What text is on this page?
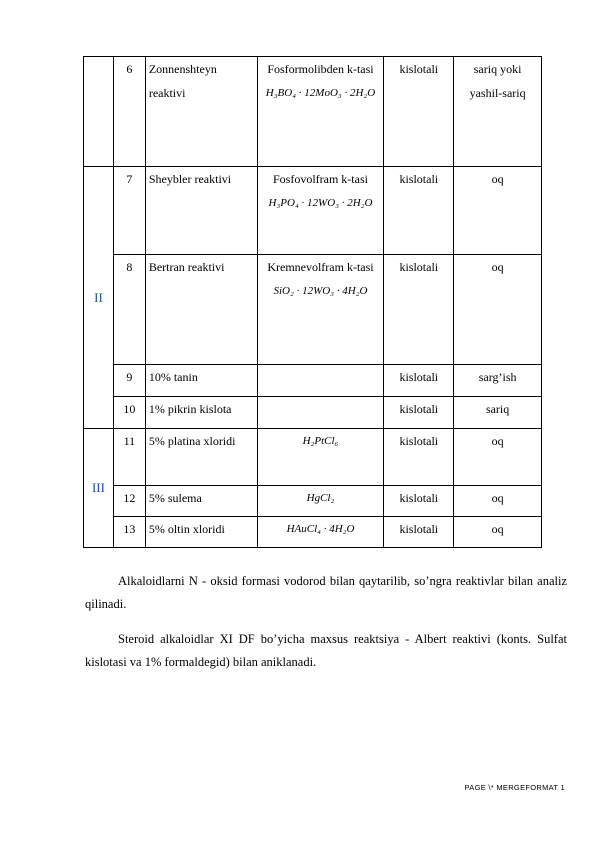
	6	Zonnenshteyn reaktivi	Fosformolibden k-tasi
H₃BO₄ · 12MoO₃ · 2H₂O	kislotali	sariq yoki yashil-sariq
II	7	Sheybler reaktivi	Fosfovolfram k-tasi
H₃PO₄ · 12WO₃ · 2H₂O	kislotali	oq
	8	Bertran reaktivi	Kremnevolfram k-tasi
SiO₂ · 12WO₃ · 4H₂O	kislotali	oq
	9	10% tanin		kislotali	sarg’ish
	10	1% pikrin kislota		kislotali	sariq
III	11	5% platina xloridi	H₂PtCl₆	kislotali	oq
	12	5% sulema	HgCl₂	kislotali	oq
	13	5% oltin xloridi	HAuCl₄ · 4H₂O	kislotali	oq

Alkaloidlarni N - oksid formasi vodorod bilan qaytarilib, so’ngra reaktivlar bilan analiz qilinadi.

Steroid alkaloidlar XI DF bo’yicha maxsus reaktsiya - Albert reaktivi (konts. Sulfat kislotasi va 1% formaldegid) bilan aniklanadi.

PAGE \* MERGEFORMAT 1
